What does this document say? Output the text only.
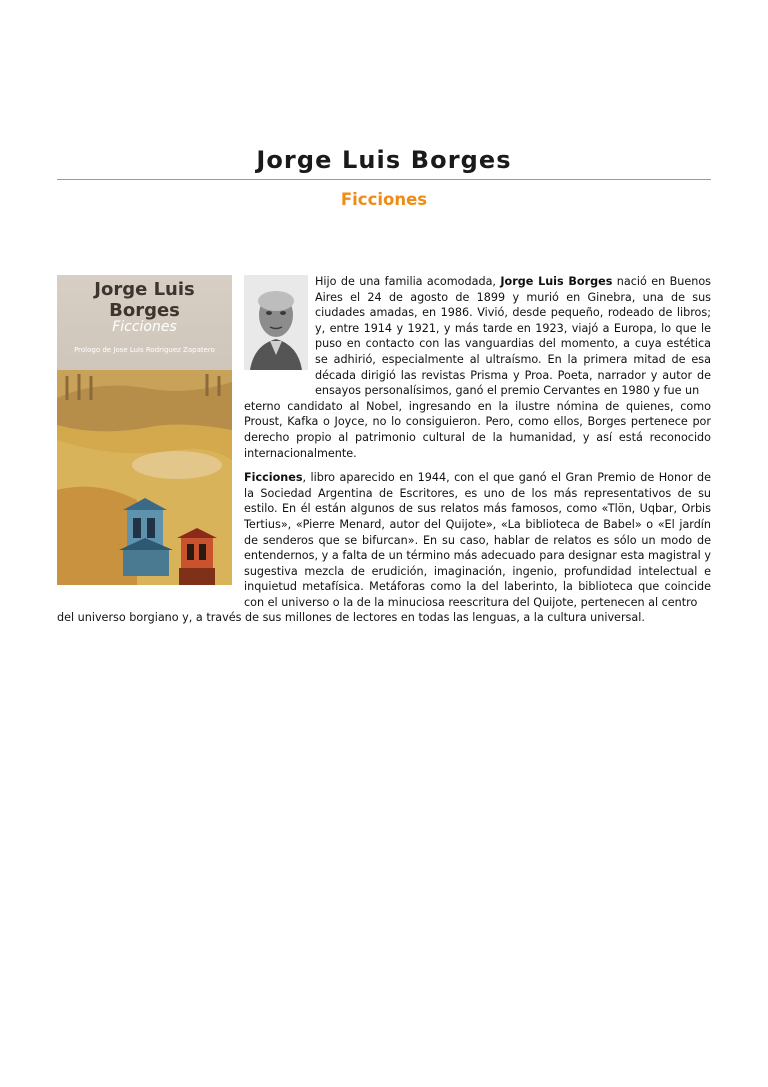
Jorge Luis Borges
Ficciones
Jorge Luis
Borges
Ficciones
Prologo de Jose Luis Rodriguez Zapatero

Hijo de una familia acomodada, Jorge Luis Borges nació en Buenos Aires el 24 de agosto de 1899 y murió en Ginebra, una de sus ciudades amadas, en 1986. Vivió, desde pequeño, rodeado de libros; y, entre 1914 y 1921, y más tarde en 1923, viajó a Europa, lo que le puso en contacto con las vanguardias del momento, a cuya estética se adhirió, especialmente al ultraísmo. En la primera mitad de esa década dirigió las revistas Prisma y Proa. Poeta, narrador y autor de ensayos personalísimos, ganó el premio Cervantes en 1980 y fue un

eterno candidato al Nobel, ingresando en la ilustre nómina de quienes, como Proust, Kafka o Joyce, no lo consiguieron. Pero, como ellos, Borges pertenece por derecho propio al patrimonio cultural de la humanidad, y así está reconocido internacionalmente.

Ficciones, libro aparecido en 1944, con el que ganó el Gran Premio de Honor de la Sociedad Argentina de Escritores, es uno de los más representativos de su estilo. En él están algunos de sus relatos más famosos, como «Tlön, Uqbar, Orbis Tertius», «Pierre Menard, autor del Quijote», «La biblioteca de Babel» o «El jardín de senderos que se bifurcan». En su caso, hablar de relatos es sólo un modo de entendernos, y a falta de un término más adecuado para designar esta magistral y sugestiva mezcla de erudición, imaginación, ingenio, profundidad intelectual e inquietud metafísica. Metáforas como la del laberinto, la biblioteca que coincide con el universo o la de la minuciosa reescritura del Quijote, pertenecen al centro

del universo borgiano y, a través de sus millones de lectores en todas las lenguas, a la cultura universal.
